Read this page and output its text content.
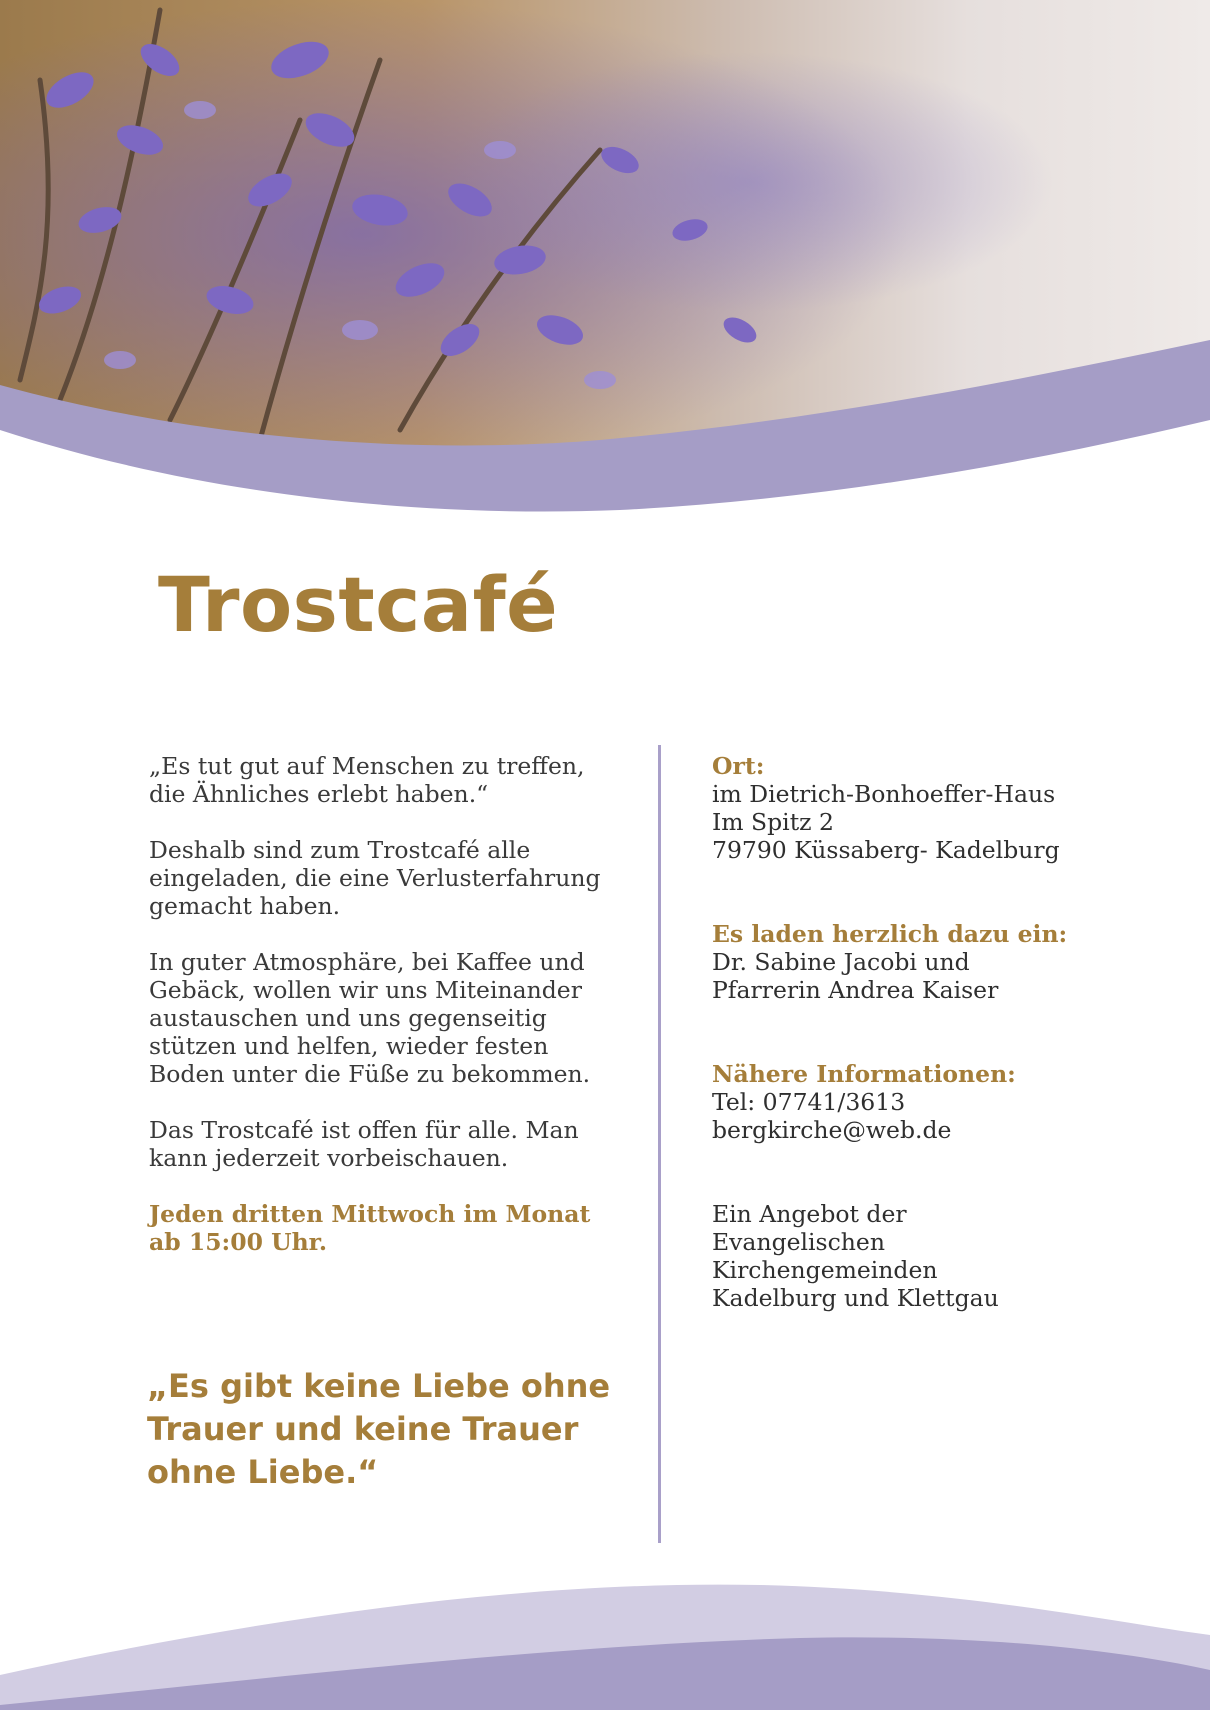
Trostcafé

„Es tut gut auf Menschen zu treffen,
die Ähnliches erlebt haben.“

Deshalb sind zum Trostcafé alle
eingeladen, die eine Verlusterfahrung
gemacht haben.

In guter Atmosphäre, bei Kaffee und
Gebäck, wollen wir uns Miteinander
austauschen und uns gegenseitig
stützen und helfen, wieder festen
Boden unter die Füße zu bekommen.

Das Trostcafé ist offen für alle. Man
kann jederzeit vorbeischauen.

Jeden dritten Mittwoch im Monat
ab 15:00 Uhr.

„Es gibt keine Liebe ohne Trauer und keine Trauer ohne Liebe.“
Ort:
im Dietrich-Bonhoeffer-Haus
Im Spitz 2
79790 Küssaberg- Kadelburg
Es laden herzlich dazu ein:
Dr. Sabine Jacobi und
Pfarrerin Andrea Kaiser
Nähere Informationen:
Tel: 07741/3613
bergkirche@web.de
Ein Angebot der
Evangelischen
Kirchengemeinden
Kadelburg und Klettgau
